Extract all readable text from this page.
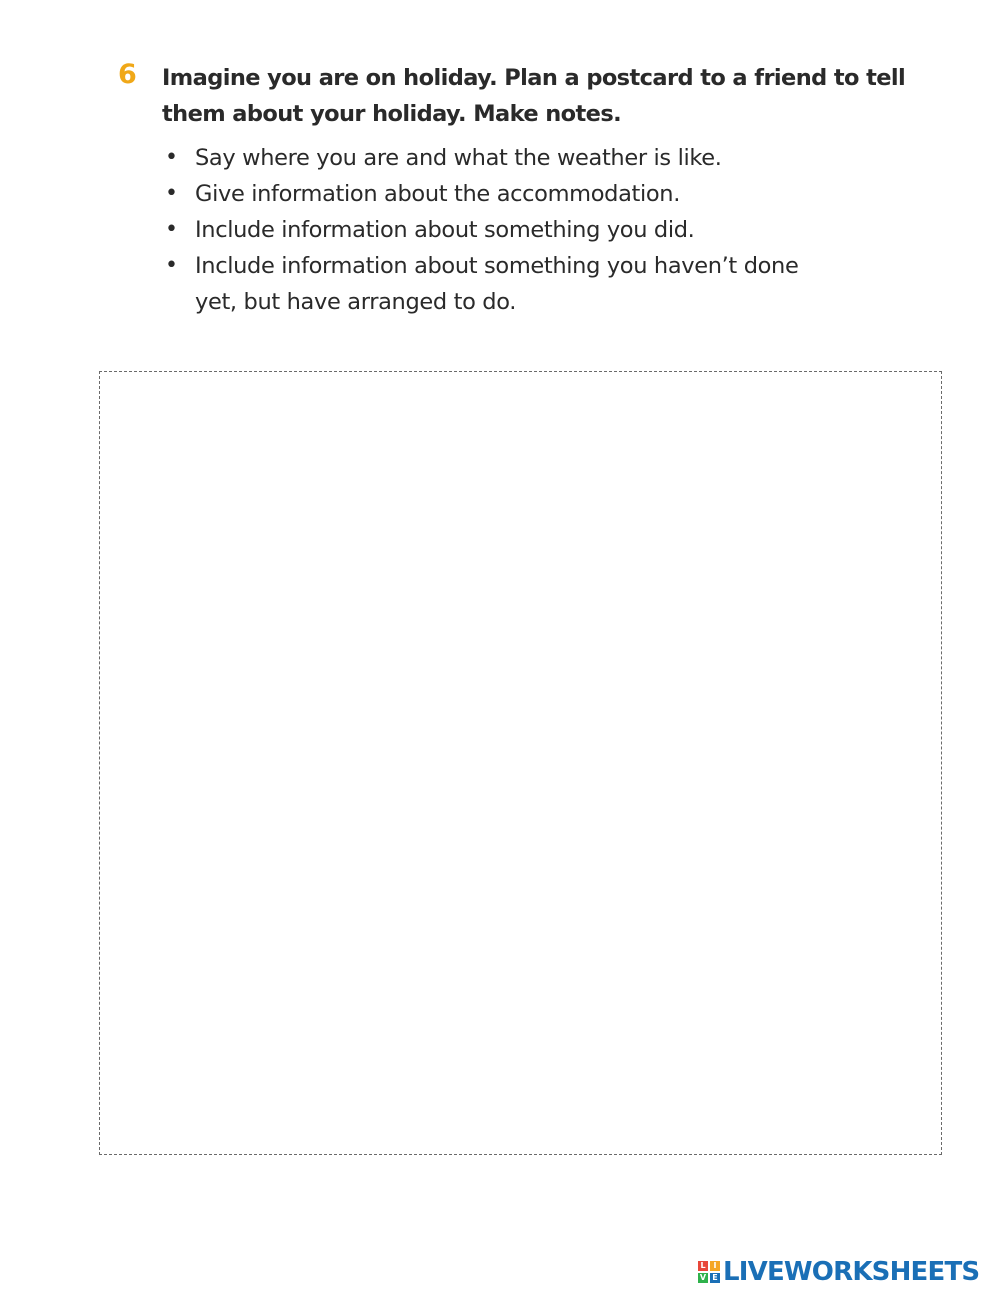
6 Imagine you are on holiday. Plan a postcard to a friend to tell
them about your holiday. Make notes.
• Say where you are and what the weather is like.
• Give information about the accommodation.
• Include information about something you did.
• Include information about something you haven’t done
yet, but have arranged to do.
L I
V E LIVEWORKSHEETS
